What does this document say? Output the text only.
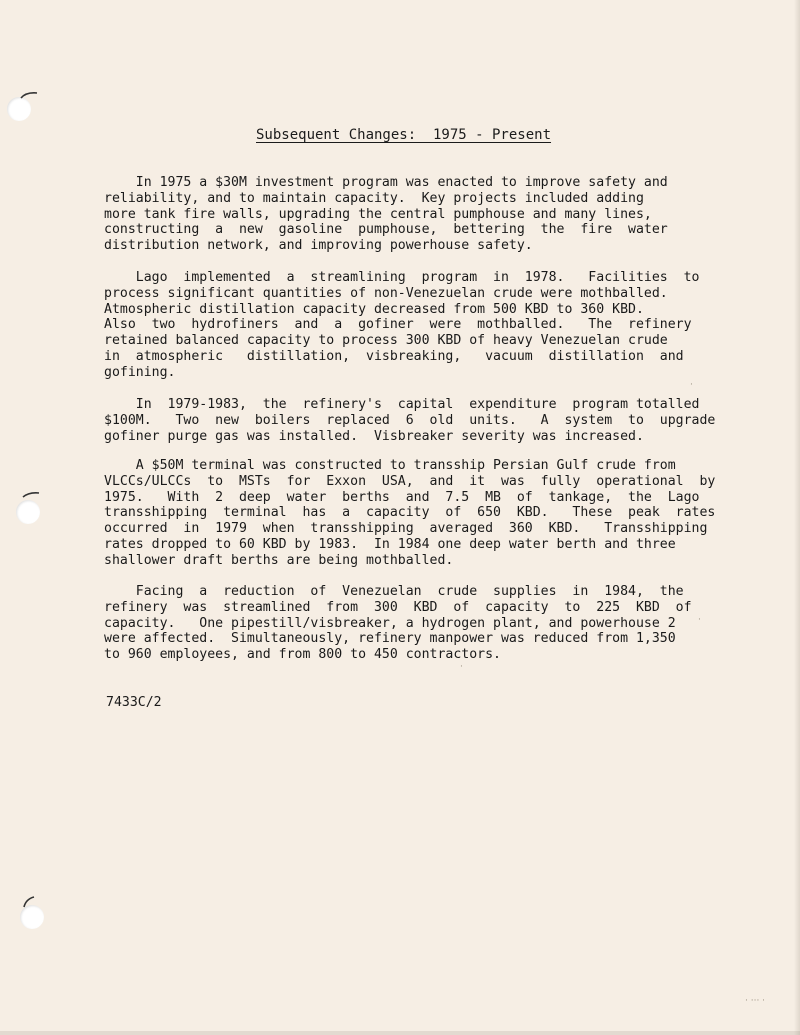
Subsequent Changes:  1975 - Present

In 1975 a $30M investment program was enacted to improve safety and
reliability, and to maintain capacity.  Key projects included adding
more tank fire walls, upgrading the central pumphouse and many lines,
constructing  a  new  gasoline  pumphouse,  bettering  the  fire  water
distribution network, and improving powerhouse safety.

Lago  implemented  a  streamlining  program  in  1978.   Facilities  to
process significant quantities of non-Venezuelan crude were mothballed.
Atmospheric distillation capacity decreased from 500 KBD to 360 KBD.
Also  two  hydrofiners  and  a  gofiner  were  mothballed.   The  refinery
retained balanced capacity to process 300 KBD of heavy Venezuelan crude
in  atmospheric   distillation,  visbreaking,   vacuum  distillation  and
gofining.

In  1979-1983,  the  refinery's  capital  expenditure  program totalled
$100M.   Two  new  boilers  replaced  6  old  units.   A  system  to  upgrade
gofiner purge gas was installed.  Visbreaker severity was increased.

A $50M terminal was constructed to transship Persian Gulf crude from
VLCCs/ULCCs  to  MSTs  for  Exxon  USA,  and  it  was  fully  operational  by
1975.   With  2  deep  water  berths  and  7.5  MB  of  tankage,  the  Lago
transshipping  terminal  has  a  capacity  of  650  KBD.   These  peak  rates
occurred  in  1979  when  transshipping  averaged  360  KBD.   Transshipping
rates dropped to 60 KBD by 1983.  In 1984 one deep water berth and three
shallower draft berths are being mothballed.

Facing  a  reduction  of  Venezuelan  crude  supplies  in  1984,  the
refinery  was  streamlined  from  300  KBD  of  capacity  to  225  KBD  of
capacity.   One pipestill/visbreaker, a hydrogen plant, and powerhouse 2
were affected.  Simultaneously, refinery manpower was reduced from 1,350
to 960 employees, and from 800 to 450 contractors.

7433C/2

·
·
·
· ··· ·
